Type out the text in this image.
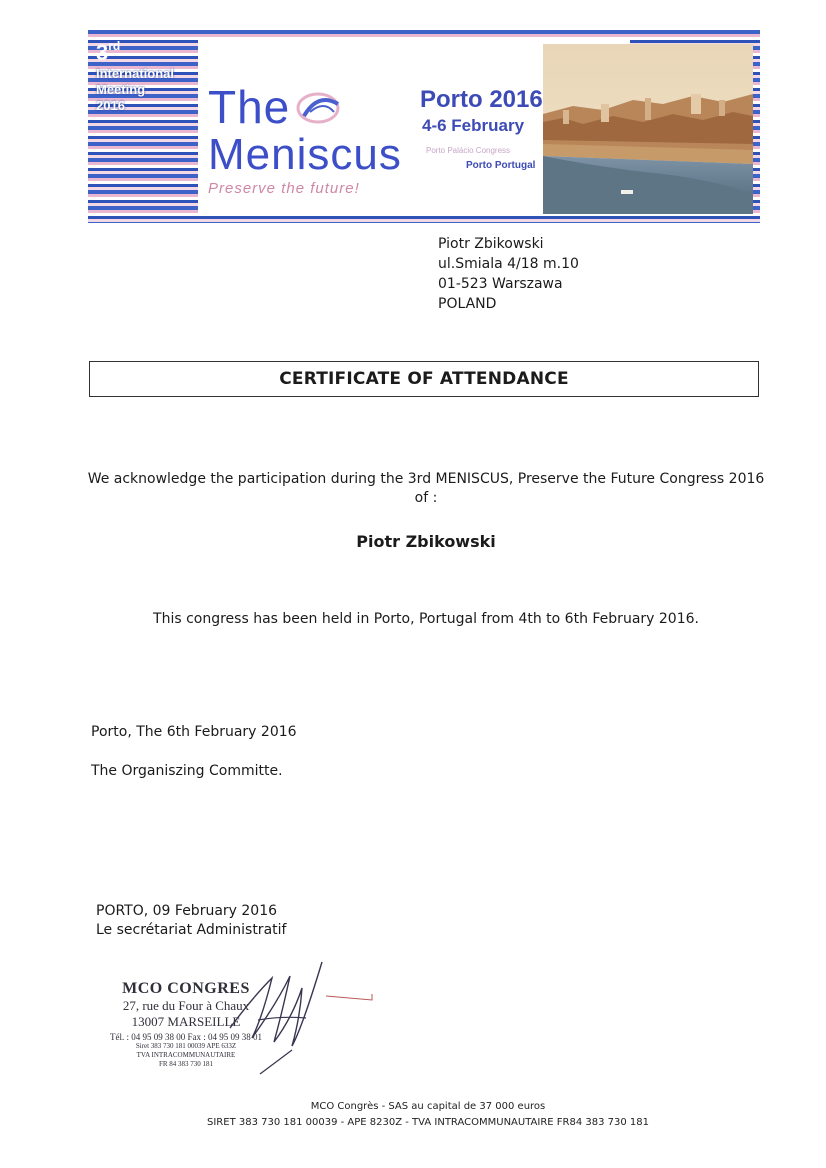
3rd
International
Meeting
2016	The
Meniscus
Preserve the future!
Porto 2016
4-6 February
Porto Palácio Congress
Porto Portugal
Piotr Zbikowski
ul.Smiala 4/18 m.10
01-523 Warszawa
POLAND
CERTIFICATE OF ATTENDANCE
We acknowledge the participation during the 3rd MENISCUS, Preserve the Future Congress 2016
of :
Piotr Zbikowski
This congress has been held in Porto, Portugal from 4th to 6th February 2016.
Porto, The 6th February 2016
The Organiszing Committe.
PORTO, 09 February 2016
Le secrétariat Administratif
MCO CONGRES
27, rue du Four à Chaux
13007 MARSEILLE
Tél. : 04 95 09 38 00 Fax : 04 95 09 38 01
Siret 383 730 181 00039 APE 633Z
TVA INTRACOMMUNAUTAIRE
FR 84 383 730 181
MCO Congrès - SAS au capital de 37 000 euros
SIRET 383 730 181 00039 - APE 8230Z - TVA INTRACOMMUNAUTAIRE FR84 383 730 181
